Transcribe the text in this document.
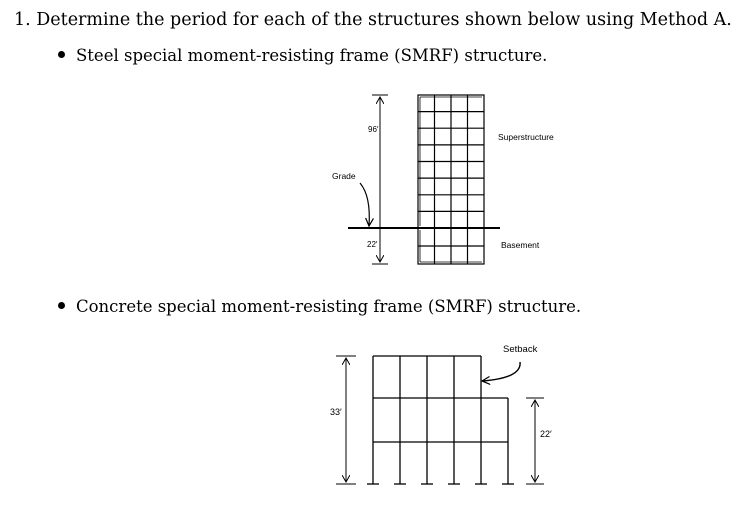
1. Determine the period for each of the structures shown below using Method A.
Steel special moment-resisting frame (SMRF) structure.
Concrete special moment-resisting frame (SMRF) structure.
96′
22′
Superstructure
Grade
Basement
33′
22′
Setback
